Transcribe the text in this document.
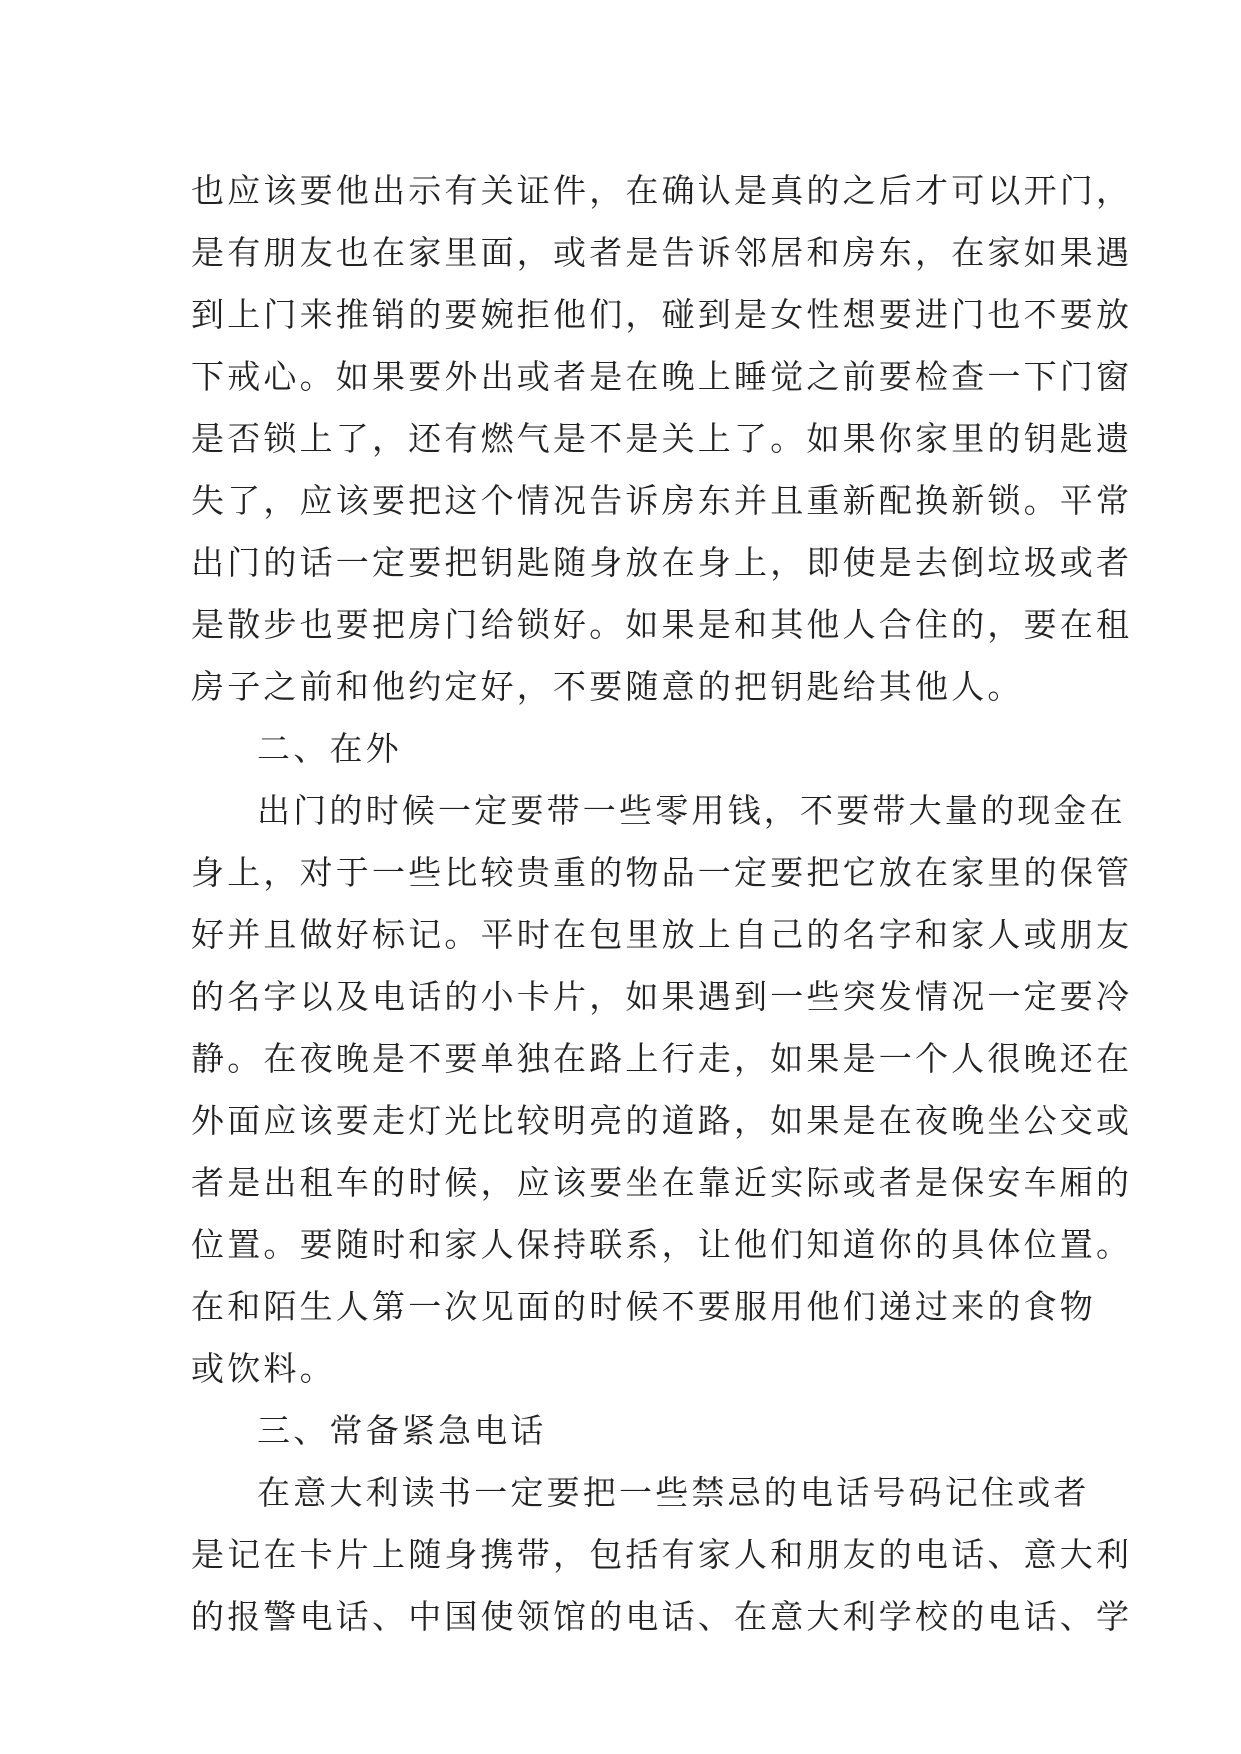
也应该要他出示有关证件，在确认是真的之后才可以开门，
是有朋友也在家里面，或者是告诉邻居和房东，在家如果遇
到上门来推销的要婉拒他们，碰到是女性想要进门也不要放
下戒心。如果要外出或者是在晚上睡觉之前要检查一下门窗
是否锁上了，还有燃气是不是关上了。如果你家里的钥匙遗
失了，应该要把这个情况告诉房东并且重新配换新锁。平常
出门的话一定要把钥匙随身放在身上，即使是去倒垃圾或者
是散步也要把房门给锁好。如果是和其他人合住的，要在租
房子之前和他约定好，不要随意的把钥匙给其他人。
二、在外
出门的时候一定要带一些零用钱，不要带大量的现金在
身上，对于一些比较贵重的物品一定要把它放在家里的保管
好并且做好标记。平时在包里放上自己的名字和家人或朋友
的名字以及电话的小卡片，如果遇到一些突发情况一定要冷
静。在夜晚是不要单独在路上行走，如果是一个人很晚还在
外面应该要走灯光比较明亮的道路，如果是在夜晚坐公交或
者是出租车的时候，应该要坐在靠近实际或者是保安车厢的
位置。要随时和家人保持联系，让他们知道你的具体位置。
在和陌生人第一次见面的时候不要服用他们递过来的食物
或饮料。
三、常备紧急电话
在意大利读书一定要把一些禁忌的电话号码记住或者
是记在卡片上随身携带，包括有家人和朋友的电话、意大利
的报警电话、中国使领馆的电话、在意大利学校的电话、学
